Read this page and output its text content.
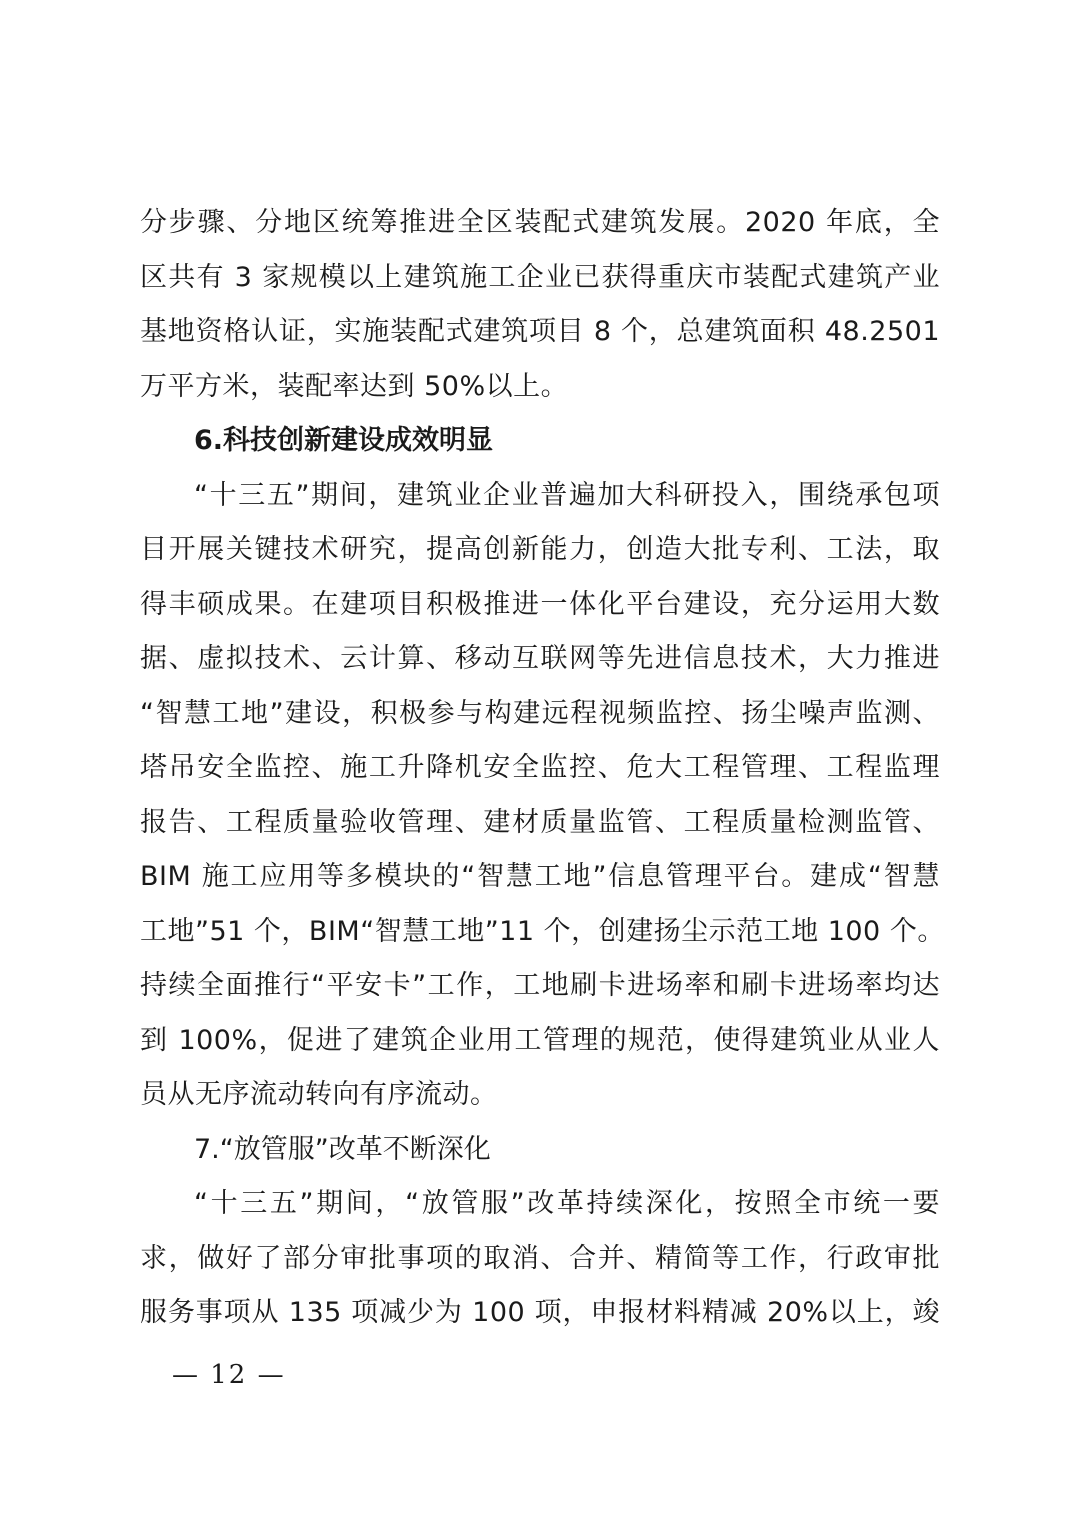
分步骤、分地区统筹推进全区装配式建筑发展。2020 年底，全
区共有 3 家规模以上建筑施工企业已获得重庆市装配式建筑产业
基地资格认证，实施装配式建筑项目 8 个，总建筑面积 48.2501
万平方米，装配率达到 50%以上。
6.科技创新建设成效明显
“十三五”期间，建筑业企业普遍加大科研投入，围绕承包项
目开展关键技术研究，提高创新能力，创造大批专利、工法，取
得丰硕成果。在建项目积极推进一体化平台建设，充分运用大数
据、虚拟技术、云计算、移动互联网等先进信息技术，大力推进
“智慧工地”建设，积极参与构建远程视频监控、扬尘噪声监测、
塔吊安全监控、施工升降机安全监控、危大工程管理、工程监理
报告、工程质量验收管理、建材质量监管、工程质量检测监管、
BIM 施工应用等多模块的“智慧工地”信息管理平台。建成“智慧
工地”51 个，BIM“智慧工地”11 个，创建扬尘示范工地 100 个。
持续全面推行“平安卡”工作，工地刷卡进场率和刷卡进场率均达
到 100%，促进了建筑企业用工管理的规范，使得建筑业从业人
员从无序流动转向有序流动。
7.“放管服”改革不断深化
“十三五”期间，“放管服”改革持续深化，按照全市统一要
求，做好了部分审批事项的取消、合并、精简等工作，行政审批
服务事项从 135 项减少为 100 项，申报材料精减 20%以上，竣
— 12 —
